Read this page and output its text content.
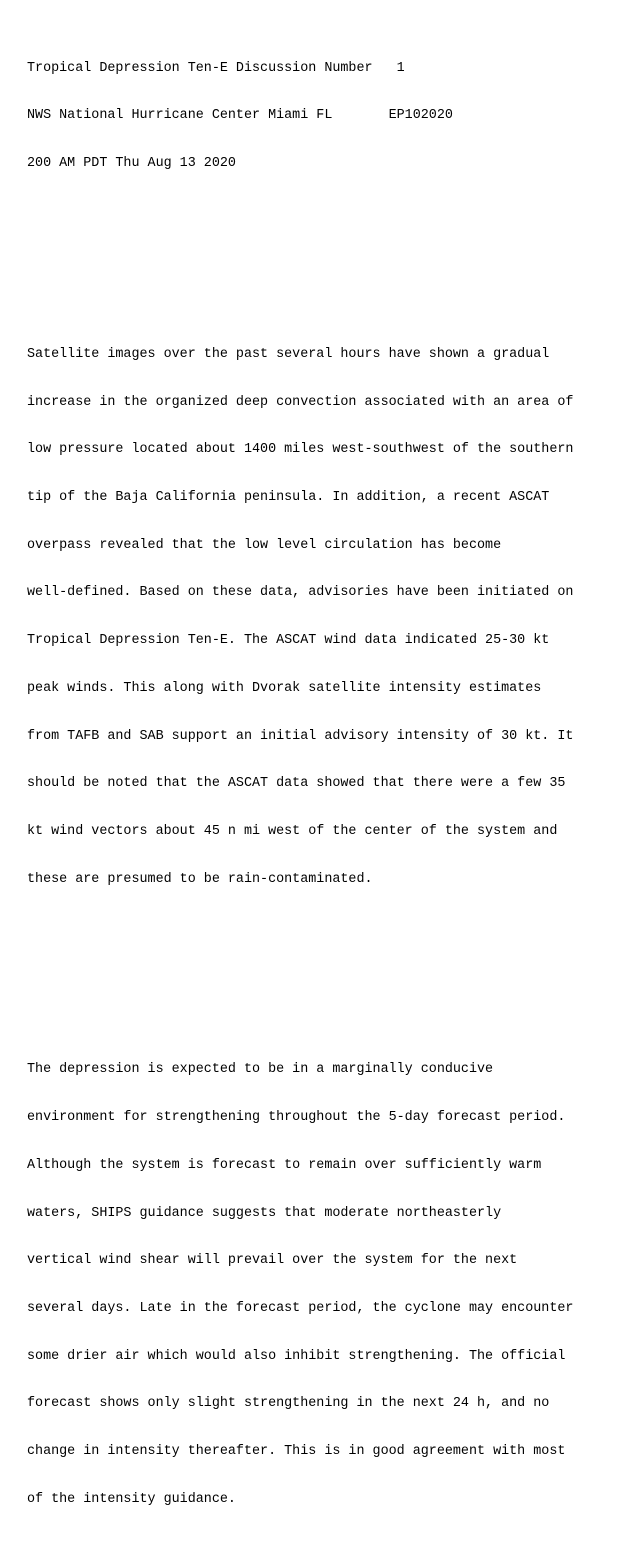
Tropical Depression Ten-E Discussion Number   1

NWS National Hurricane Center Miami FL       EP102020

200 AM PDT Thu Aug 13 2020

Satellite images over the past several hours have shown a gradual

increase in the organized deep convection associated with an area of

low pressure located about 1400 miles west-southwest of the southern

tip of the Baja California peninsula. In addition, a recent ASCAT

overpass revealed that the low level circulation has become

well-defined. Based on these data, advisories have been initiated on

Tropical Depression Ten-E. The ASCAT wind data indicated 25-30 kt

peak winds. This along with Dvorak satellite intensity estimates

from TAFB and SAB support an initial advisory intensity of 30 kt. It

should be noted that the ASCAT data showed that there were a few 35

kt wind vectors about 45 n mi west of the center of the system and

these are presumed to be rain-contaminated.

The depression is expected to be in a marginally conducive

environment for strengthening throughout the 5-day forecast period.

Although the system is forecast to remain over sufficiently warm

waters, SHIPS guidance suggests that moderate northeasterly

vertical wind shear will prevail over the system for the next

several days. Late in the forecast period, the cyclone may encounter

some drier air which would also inhibit strengthening. The official

forecast shows only slight strengthening in the next 24 h, and no

change in intensity thereafter. This is in good agreement with most

of the intensity guidance.
